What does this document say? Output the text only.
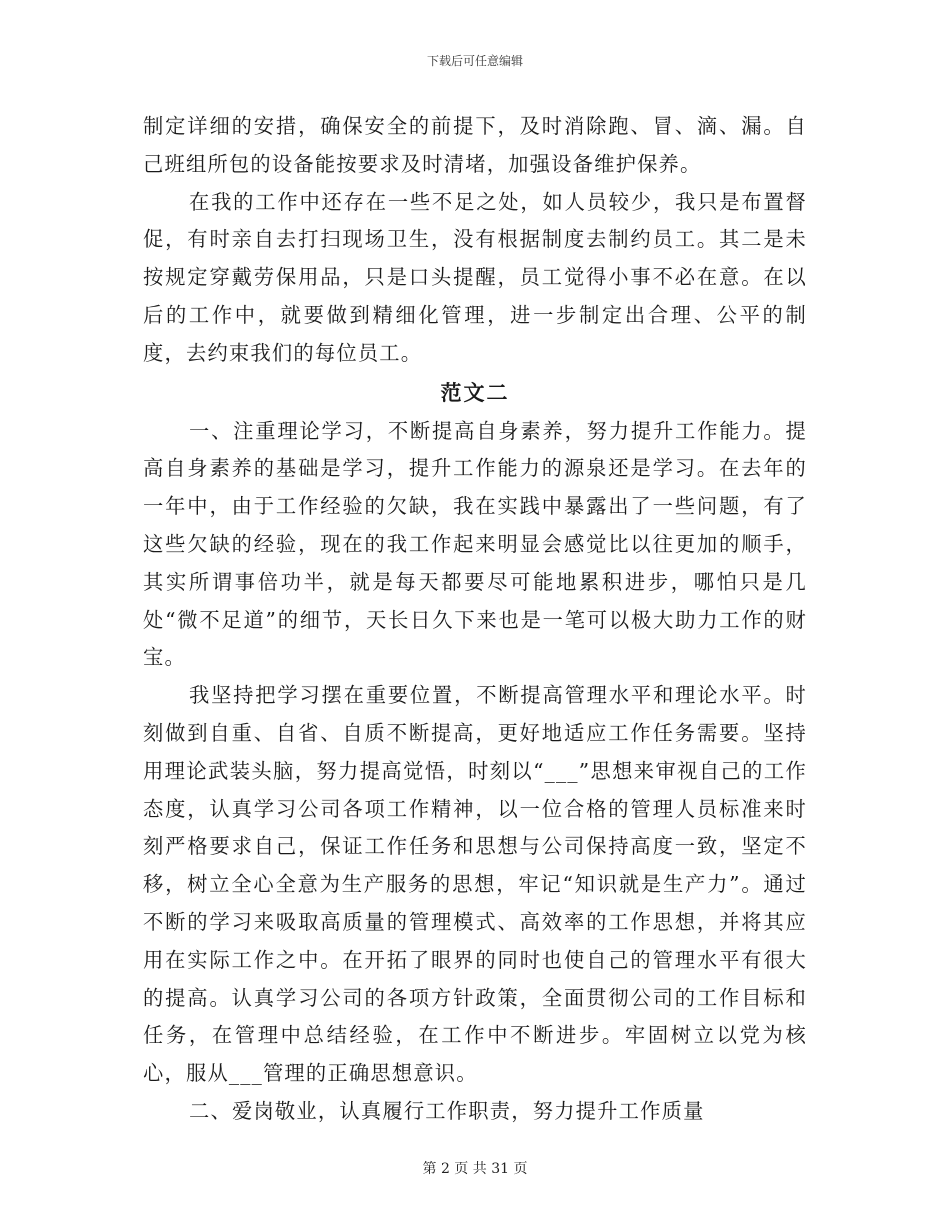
下载后可任意编辑

制定详细的安措，确保安全的前提下，及时消除跑、冒、滴、漏。自己班组所包的设备能按要求及时清堵，加强设备维护保养。

在我的工作中还存在一些不足之处，如人员较少，我只是布置督促，有时亲自去打扫现场卫生，没有根据制度去制约员工。其二是未按规定穿戴劳保用品，只是口头提醒，员工觉得小事不必在意。在以后的工作中，就要做到精细化管理，进一步制定出合理、公平的制度，去约束我们的每位员工。

范文二

一、注重理论学习，不断提高自身素养，努力提升工作能力。提高自身素养的基础是学习，提升工作能力的源泉还是学习。在去年的一年中，由于工作经验的欠缺，我在实践中暴露出了一些问题，有了这些欠缺的经验，现在的我工作起来明显会感觉比以往更加的顺手，其实所谓事倍功半，就是每天都要尽可能地累积进步，哪怕只是几处“微不足道”的细节，天长日久下来也是一笔可以极大助力工作的财宝。

我坚持把学习摆在重要位置，不断提高管理水平和理论水平。时刻做到自重、自省、自质不断提高，更好地适应工作任务需要。坚持用理论武装头脑，努力提高觉悟，时刻以“___”思想来审视自己的工作态度，认真学习公司各项工作精神，以一位合格的管理人员标准来时刻严格要求自己，保证工作任务和思想与公司保持高度一致，坚定不移，树立全心全意为生产服务的思想，牢记“知识就是生产力”。通过不断的学习来吸取高质量的管理模式、高效率的工作思想，并将其应用在实际工作之中。在开拓了眼界的同时也使自己的管理水平有很大的提高。认真学习公司的各项方针政策，全面贯彻公司的工作目标和任务，在管理中总结经验，在工作中不断进步。牢固树立以党为核心，服从___管理的正确思想意识。

二、爱岗敬业，认真履行工作职责，努力提升工作质量

第 2 页 共 31 页
